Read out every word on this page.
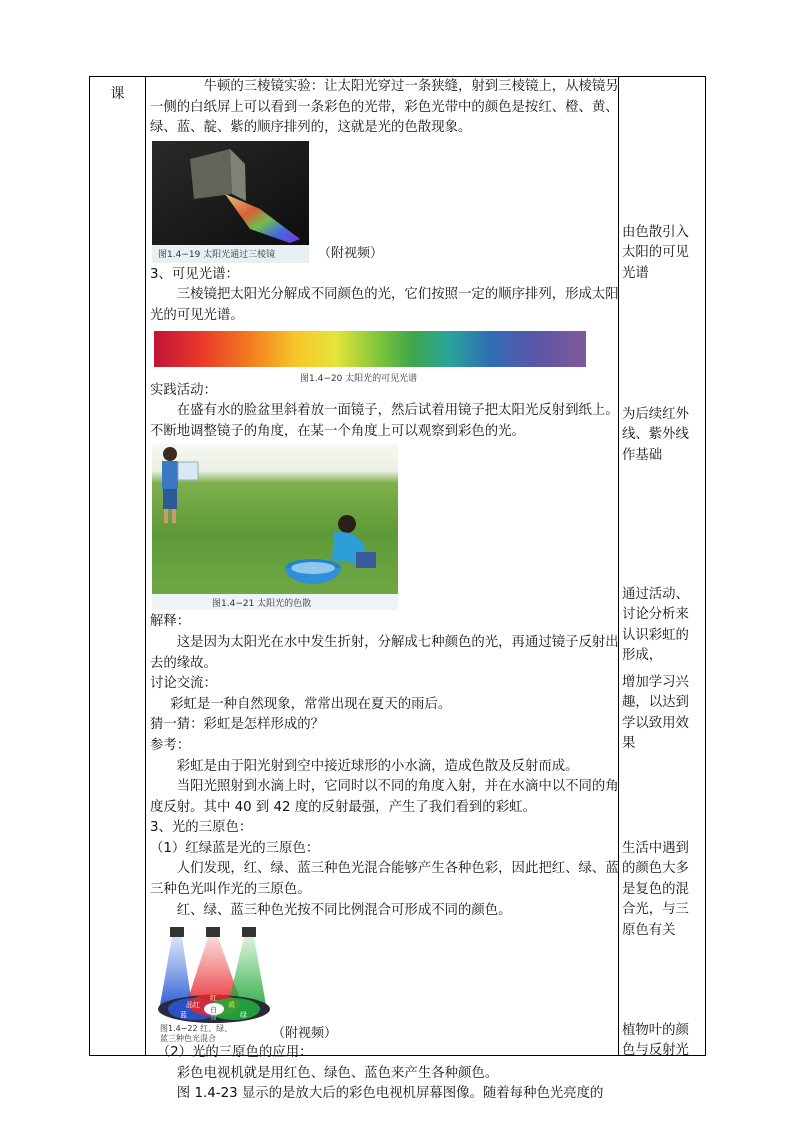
课	牛顿的三棱镜实验：让太阳光穿过一条狭缝，射到三棱镜上，从棱镜另一侧的白纸屏上可以看到一条彩色的光带，彩色光带中的颜色是按红、橙、黄、绿、蓝、靛、紫的顺序排列的，这就是光的色散现象。

图1.4−19 太阳光通过三棱镜	（附视频）

3、可见光谱：

三棱镜把太阳光分解成不同颜色的光，它们按照一定的顺序排列，形成太阳光的可见光谱。

图1.4−20 太阳光的可见光谱

实践活动：

在盛有水的脸盆里斜着放一面镜子，然后试着用镜子把太阳光反射到纸上。不断地调整镜子的角度，在某一个角度上可以观察到彩色的光。

图1.4−21 太阳光的色散

解释：

这是因为太阳光在水中发生折射，分解成七种颜色的光，再通过镜子反射出去的缘故。

讨论交流：

彩虹是一种自然现象，常常出现在夏天的雨后。

猜一猜：彩虹是怎样形成的？

参考：

彩虹是由于阳光射到空中接近球形的小水滴，造成色散及反射而成。

当阳光照射到水滴上时，它同时以不同的角度入射，并在水滴中以不同的角度反射。其中 40 到 42 度的反射最强，产生了我们看到的彩虹。

3、光的三原色：

（1）红绿蓝是光的三原色：

人们发现，红、绿、蓝三种色光混合能够产生各种色彩，因此把红、绿、蓝三种色光叫作光的三原色。

红、绿、蓝三种色光按不同比例混合可形成不同的颜色。

红
黄
品红
白
绿
蓝	青
图1.4−22 红、绿、
蓝三种色光混合	（附视频）

（2）光的三原色的应用：

彩色电视机就是用红色、绿色、蓝色来产生各种颜色。

图 1.4-23 显示的是放大后的彩色电视机屏幕图像。随着每种色光亮度的

由色散引入太阳的可见光谱

为后续红外线、紫外线作基础

通过活动、讨论分析来认识彩虹的形成，

增加学习兴趣，以达到学以致用效果

生活中遇到的颜色大多是复色的混合光，与三原色有关

植物叶的颜色与反射光
